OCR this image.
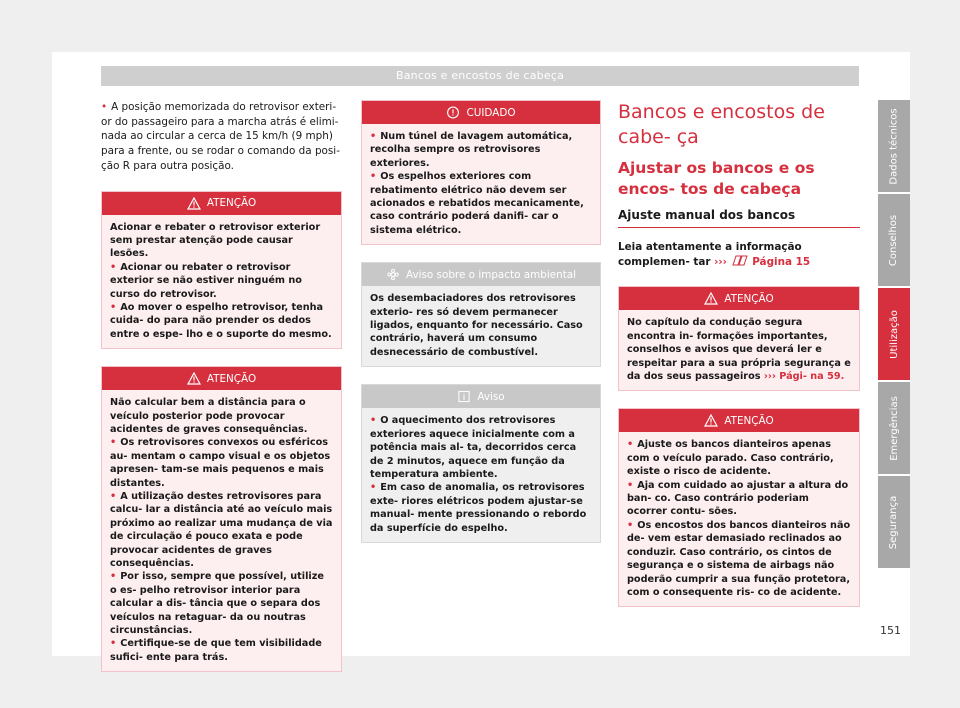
Bancos e encostos de cabeça

• A posição memorizada do retrovisor exteri- or do passageiro para a marcha atrás é elimi- nada ao circular a cerca de 15 km/h (9 mph) para a frente, ou se rodar o comando da posi- ção R para outra posição.

ATENÇÃO

Acionar e rebater o retrovisor exterior sem prestar atenção pode causar lesões.

• Acionar ou rebater o retrovisor exterior se não estiver ninguém no curso do retrovisor.

• Ao mover o espelho retrovisor, tenha cuida- do para não prender os dedos entre o espe- lho e o suporte do mesmo.

ATENÇÃO

Não calcular bem a distância para o veículo posterior pode provocar acidentes de graves consequências.

• Os retrovisores convexos ou esféricos au- mentam o campo visual e os objetos apresen- tam-se mais pequenos e mais distantes.

• A utilização destes retrovisores para calcu- lar a distância até ao veículo mais próximo ao realizar uma mudança de via de circulação é pouco exata e pode provocar acidentes de graves consequências.

• Por isso, sempre que possível, utilize o es- pelho retrovisor interior para calcular a dis- tância que o separa dos veículos na retaguar- da ou noutras circunstâncias.

• Certifique-se de que tem visibilidade sufici- ente para trás.

CUIDADO

• Num túnel de lavagem automática, recolha sempre os retrovisores exteriores.

• Os espelhos exteriores com rebatimento elétrico não devem ser acionados e rebatidos mecanicamente, caso contrário poderá danifi- car o sistema elétrico.

Aviso sobre o impacto ambiental

Os desembaciadores dos retrovisores exterio- res só devem permanecer ligados, enquanto for necessário. Caso contrário, haverá um consumo desnecessário de combustível.

Aviso

• O aquecimento dos retrovisores exteriores aquece inicialmente com a potência mais al- ta, decorridos cerca de 2 minutos, aquece em função da temperatura ambiente.

• Em caso de anomalia, os retrovisores exte- riores elétricos podem ajustar-se manual- mente pressionando o rebordo da superfície do espelho.

Bancos e encostos de cabe- ça
Ajustar os bancos e os encos- tos de cabeça
Ajuste manual dos bancos

Leia atentamente a informação complemen- tar ››› Página 15

ATENÇÃO

No capítulo da condução segura encontra in- formações importantes, conselhos e avisos que deverá ler e respeitar para a sua própria segurança e da dos seus passageiros ››› Pági- na 59.

ATENÇÃO

• Ajuste os bancos dianteiros apenas com o veículo parado. Caso contrário, existe o risco de acidente.

• Aja com cuidado ao ajustar a altura do ban- co. Caso contrário poderiam ocorrer contu- sões.

• Os encostos dos bancos dianteiros não de- vem estar demasiado reclinados ao conduzir. Caso contrário, os cintos de segurança e o sistema de airbags não poderão cumprir a sua função protetora, com o consequente ris- co de acidente.

Dados técnicos
Conselhos
Utilização
Emergências
Segurança
151
